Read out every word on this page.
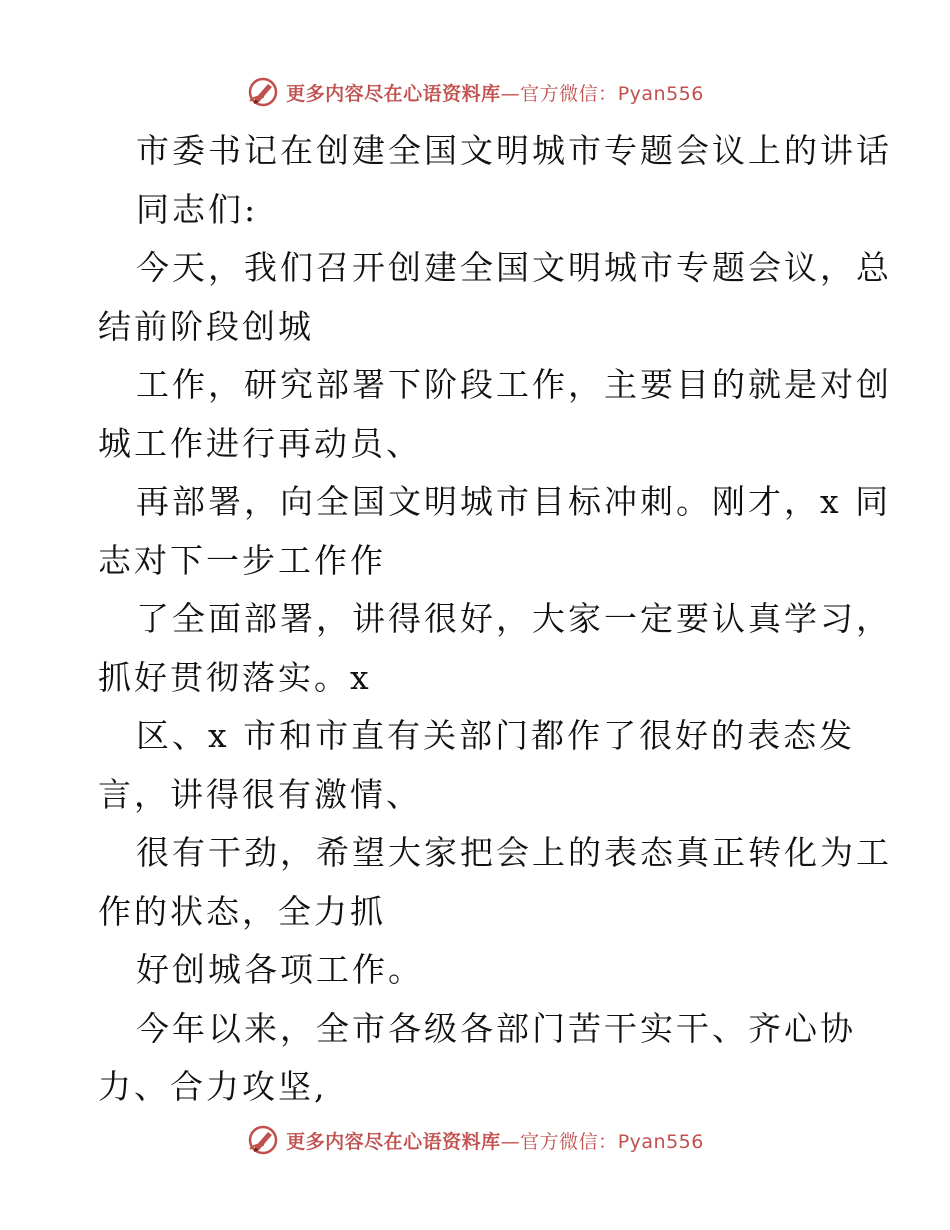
更多内容尽在心语资料库—官方微信：Pyan556
市委书记在创建全国文明城市专题会议上的讲话
同志们:
今天，我们召开创建全国文明城市专题会议，总
结前阶段创城
工作，研究部署下阶段工作，主要目的就是对创
城工作进行再动员、
再部署，向全国文明城市目标冲刺。刚才，x 同
志对下一步工作作
了全面部署，讲得很好，大家一定要认真学习，
抓好贯彻落实。x
区、x 市和市直有关部门都作了很好的表态发
言，讲得很有激情、
很有干劲，希望大家把会上的表态真正转化为工
作的状态，全力抓
好创城各项工作。
今年以来，全市各级各部门苦干实干、齐心协
力、合力攻坚,
更多内容尽在心语资料库—官方微信：Pyan556
